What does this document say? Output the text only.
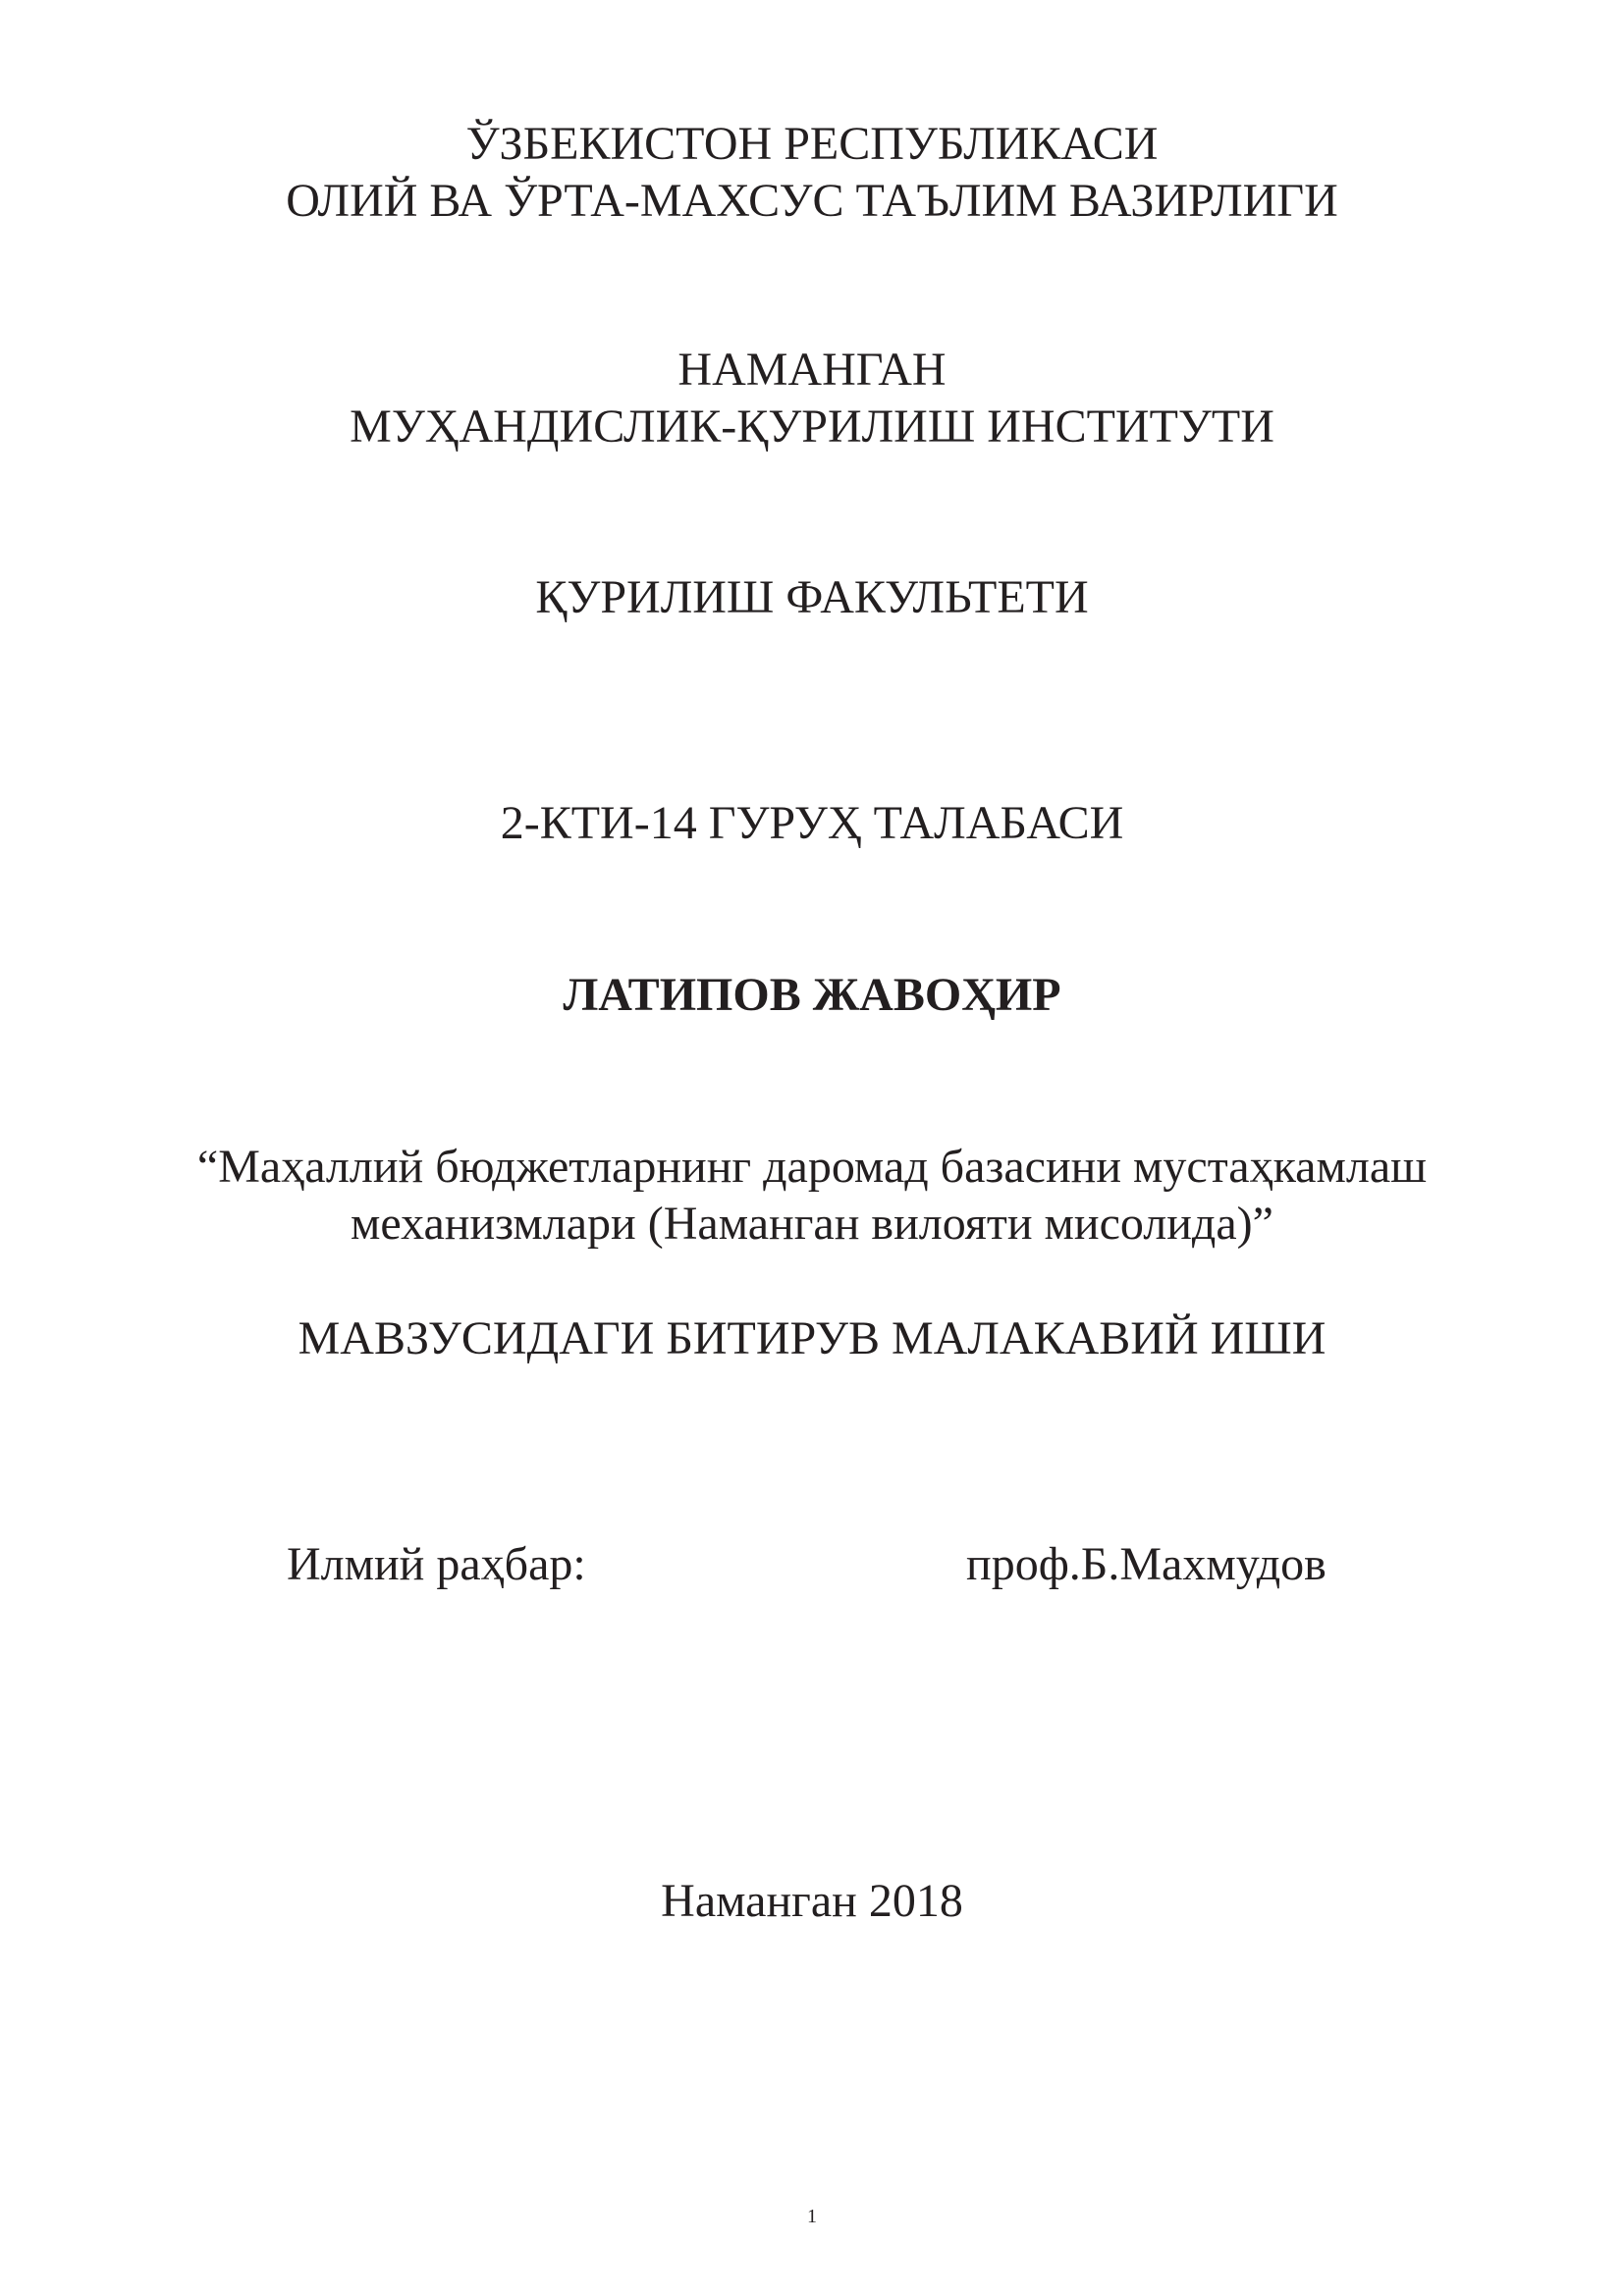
ЎЗБЕКИСТОН РЕСПУБЛИКАСИ
ОЛИЙ ВА ЎРТА-МАХСУС ТАЪЛИМ ВАЗИРЛИГИ
НАМАНГАН
МУҲАНДИСЛИК-ҚУРИЛИШ ИНСТИТУТИ
ҚУРИЛИШ ФАКУЛЬТЕТИ
2-КТИ-14 ГУРУҲ ТАЛАБАСИ
ЛАТИПОВ ЖАВОҲИР
“Маҳаллий бюджетларнинг даромад базасини мустаҳкамлаш
механизмлари (Наманган вилояти мисолида)”
МАВЗУСИДАГИ БИТИРУВ МАЛАКАВИЙ ИШИ
Илмий раҳбар:	проф.Б.Махмудов
Наманган 2018
1
